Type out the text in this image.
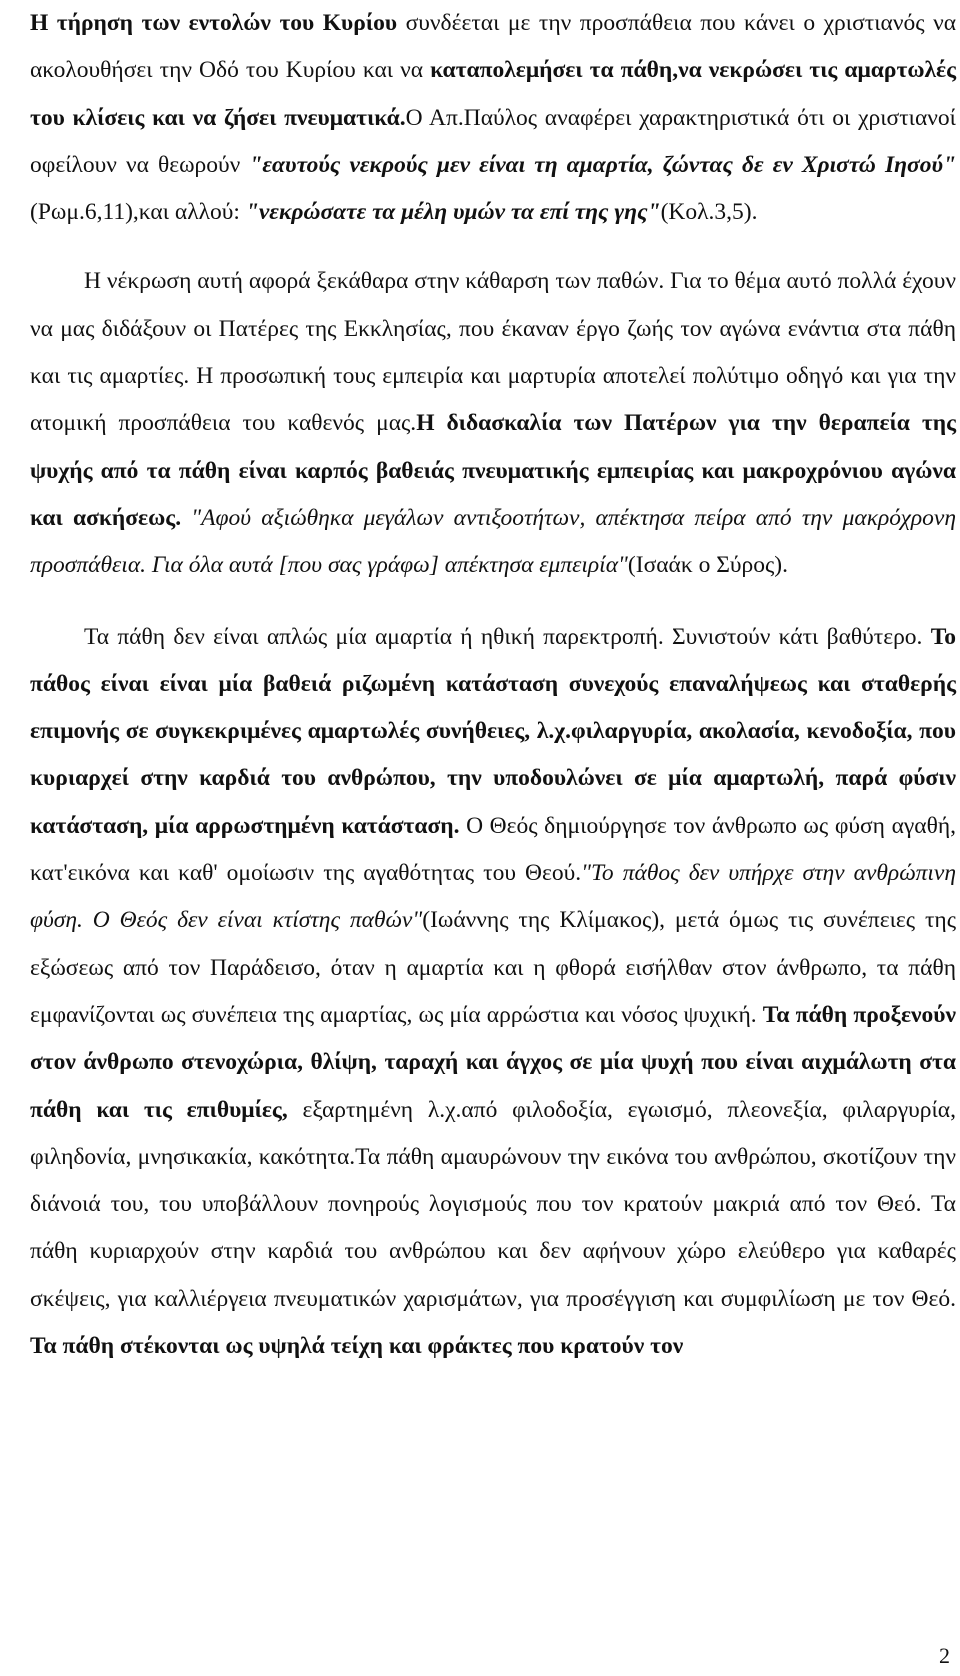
Η τήρηση των εντολών του Κυρίου συνδέεται με την προσπάθεια που κάνει ο χριστιανός να ακολουθήσει την Οδό του Κυρίου και να καταπολεμήσει τα πάθη,να νεκρώσει τις αμαρτωλές του κλίσεις και να ζήσει πνευματικά.Ο Απ.Παύλος αναφέρει χαρακτηριστικά ότι οι χριστιανοί οφείλουν να θεωρούν "εαυτούς νεκρούς μεν είναι τη αμαρτία, ζώντας δε εν Χριστώ Ιησού"(Ρωμ.6,11),και αλλού: "νεκρώσατε τα μέλη υμών τα επί της γης"(Κολ.3,5).

Η νέκρωση αυτή αφορά ξεκάθαρα στην κάθαρση των παθών. Για το θέμα αυτό πολλά έχουν να μας διδάξουν οι Πατέρες της Εκκλησίας, που έκαναν έργο ζωής τον αγώνα ενάντια στα πάθη και τις αμαρτίες. Η προσωπική τους εμπειρία και μαρτυρία αποτελεί πολύτιμο οδηγό και για την ατομική προσπάθεια του καθενός μας.Η διδασκαλία των Πατέρων για την θεραπεία της ψυχής από τα πάθη είναι καρπός βαθειάς πνευματικής εμπειρίας και μακροχρόνιου αγώνα και ασκήσεως. "Αφού αξιώθηκα μεγάλων αντιξοοτήτων, απέκτησα πείρα από την μακρόχρονη προσπάθεια. Για όλα αυτά [που σας γράφω] απέκτησα εμπειρία"(Ισαάκ ο Σύρος).

Τα πάθη δεν είναι απλώς μία αμαρτία ή ηθική παρεκτροπή. Συνιστούν κάτι βαθύτερο. Το πάθος είναι είναι μία βαθειά ριζωμένη κατάσταση συνεχούς επαναλήψεως και σταθερής επιμονής σε συγκεκριμένες αμαρτωλές συνήθειες, λ.χ.φιλαργυρία, ακολασία, κενοδοξία, που κυριαρχεί στην καρδιά του ανθρώπου, την υποδουλώνει σε μία αμαρτωλή, παρά φύσιν κατάσταση, μία αρρωστημένη κατάσταση. Ο Θεός δημιούργησε τον άνθρωπο ως φύση αγαθή, κατ'εικόνα και καθ' ομοίωσιν της αγαθότητας του Θεού."Το πάθος δεν υπήρχε στην ανθρώπινη φύση. Ο Θεός δεν είναι κτίστης παθών"(Ιωάννης της Κλίμακος), μετά όμως τις συνέπειες της εξώσεως από τον Παράδεισο, όταν η αμαρτία και η φθορά εισήλθαν στον άνθρωπο, τα πάθη εμφανίζονται ως συνέπεια της αμαρτίας, ως μία αρρώστια και νόσος ψυχική. Τα πάθη προξενούν στον άνθρωπο στενοχώρια, θλίψη, ταραχή και άγχος σε μία ψυχή που είναι αιχμάλωτη στα πάθη και τις επιθυμίες, εξαρτημένη λ.χ.από φιλοδοξία, εγωισμό, πλεονεξία, φιλαργυρία, φιληδονία, μνησικακία, κακότητα.Τα πάθη αμαυρώνουν την εικόνα του ανθρώπου, σκοτίζουν την διάνοιά του, του υποβάλλουν πονηρούς λογισμούς που τον κρατούν μακριά από τον Θεό. Τα πάθη κυριαρχούν στην καρδιά του ανθρώπου και δεν αφήνουν χώρο ελεύθερο για καθαρές σκέψεις, για καλλιέργεια πνευματικών χαρισμάτων, για προσέγγιση και συμφιλίωση με τον Θεό. Τα πάθη στέκονται ως υψηλά τείχη και φράκτες που κρατούν τον

2
